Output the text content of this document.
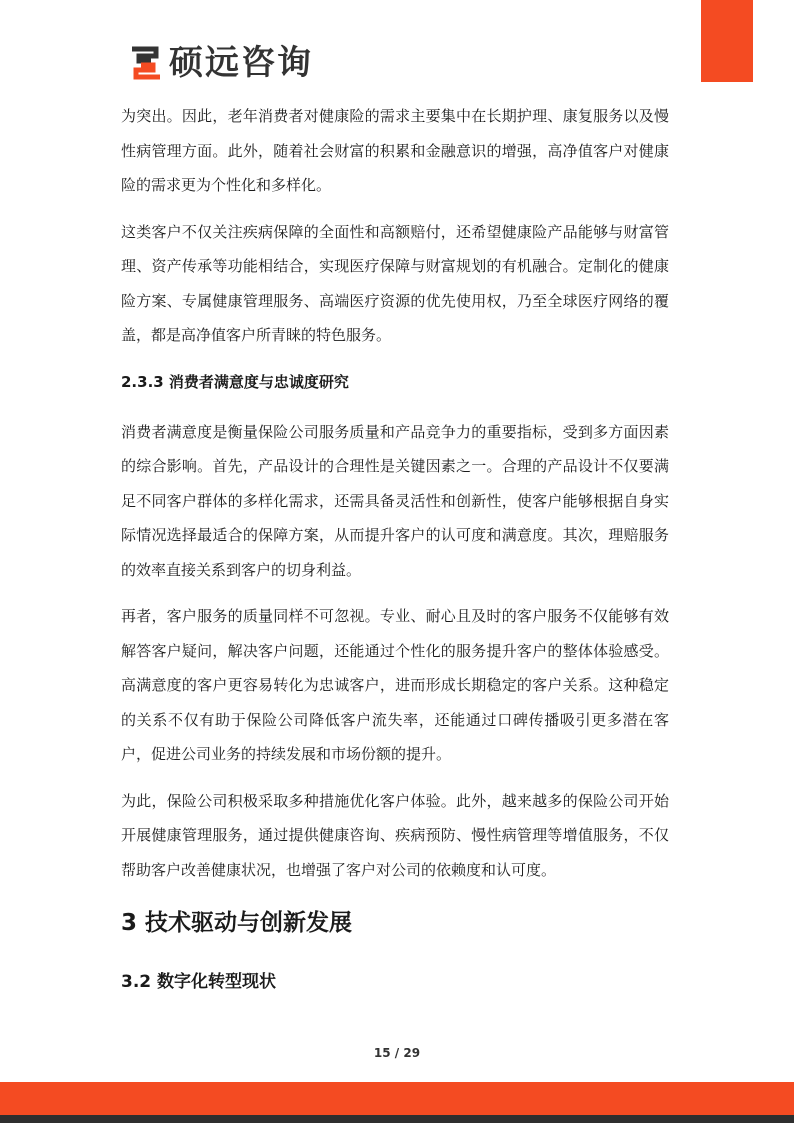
硕远咨询

为突出。因此，老年消费者对健康险的需求主要集中在长期护理、康复服务以及慢性病管理方面。此外，随着社会财富的积累和金融意识的增强，高净值客户对健康险的需求更为个性化和多样化。

这类客户不仅关注疾病保障的全面性和高额赔付，还希望健康险产品能够与财富管理、资产传承等功能相结合，实现医疗保障与财富规划的有机融合。定制化的健康险方案、专属健康管理服务、高端医疗资源的优先使用权，乃至全球医疗网络的覆盖，都是高净值客户所青睐的特色服务。

2.3.3 消费者满意度与忠诚度研究

消费者满意度是衡量保险公司服务质量和产品竞争力的重要指标，受到多方面因素的综合影响。首先，产品设计的合理性是关键因素之一。合理的产品设计不仅要满足不同客户群体的多样化需求，还需具备灵活性和创新性，使客户能够根据自身实际情况选择最适合的保障方案，从而提升客户的认可度和满意度。其次，理赔服务的效率直接关系到客户的切身利益。

再者，客户服务的质量同样不可忽视。专业、耐心且及时的客户服务不仅能够有效解答客户疑问，解决客户问题，还能通过个性化的服务提升客户的整体体验感受。高满意度的客户更容易转化为忠诚客户，进而形成长期稳定的客户关系。这种稳定的关系不仅有助于保险公司降低客户流失率，还能通过口碑传播吸引更多潜在客户，促进公司业务的持续发展和市场份额的提升。

为此，保险公司积极采取多种措施优化客户体验。此外，越来越多的保险公司开始开展健康管理服务，通过提供健康咨询、疾病预防、慢性病管理等增值服务，不仅帮助客户改善健康状况，也增强了客户对公司的依赖度和认可度。

3 技术驱动与创新发展
3.2 数字化转型现状
15 / 29
